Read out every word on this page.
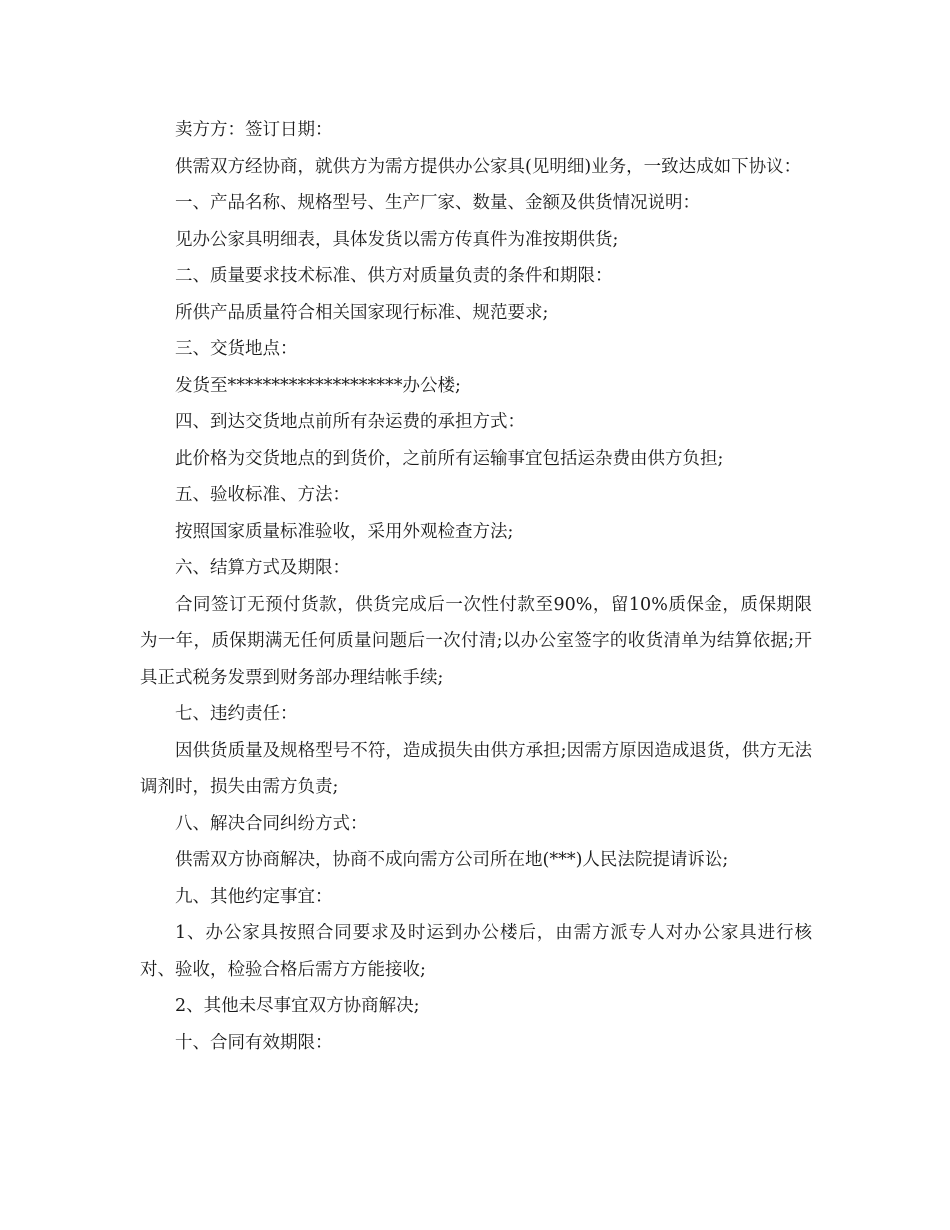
卖方方：签订日期：

供需双方经协商，就供方为需方提供办公家具(见明细)业务，一致达成如下协议：

一、产品名称、规格型号、生产厂家、数量、金额及供货情况说明：

见办公家具明细表，具体发货以需方传真件为准按期供货;

二、质量要求技术标准、供方对质量负责的条件和期限：

所供产品质量符合相关国家现行标准、规范要求;

三、交货地点：

发货至********************办公楼;

四、到达交货地点前所有杂运费的承担方式：

此价格为交货地点的到货价，之前所有运输事宜包括运杂费由供方负担;

五、验收标准、方法：

按照国家质量标准验收，采用外观检查方法;

六、结算方式及期限：

合同签订无预付货款，供货完成后一次性付款至90%，留10%质保金，质保期限为一年，质保期满无任何质量问题后一次付清;以办公室签字的收货清单为结算依据;开具正式税务发票到财务部办理结帐手续;

七、违约责任：

因供货质量及规格型号不符，造成损失由供方承担;因需方原因造成退货，供方无法调剂时，损失由需方负责;

八、解决合同纠纷方式：

供需双方协商解决，协商不成向需方公司所在地(***)人民法院提请诉讼;

九、其他约定事宜：

1、办公家具按照合同要求及时运到办公楼后，由需方派专人对办公家具进行核对、验收，检验合格后需方方能接收;

2、其他未尽事宜双方协商解决;

十、合同有效期限：
